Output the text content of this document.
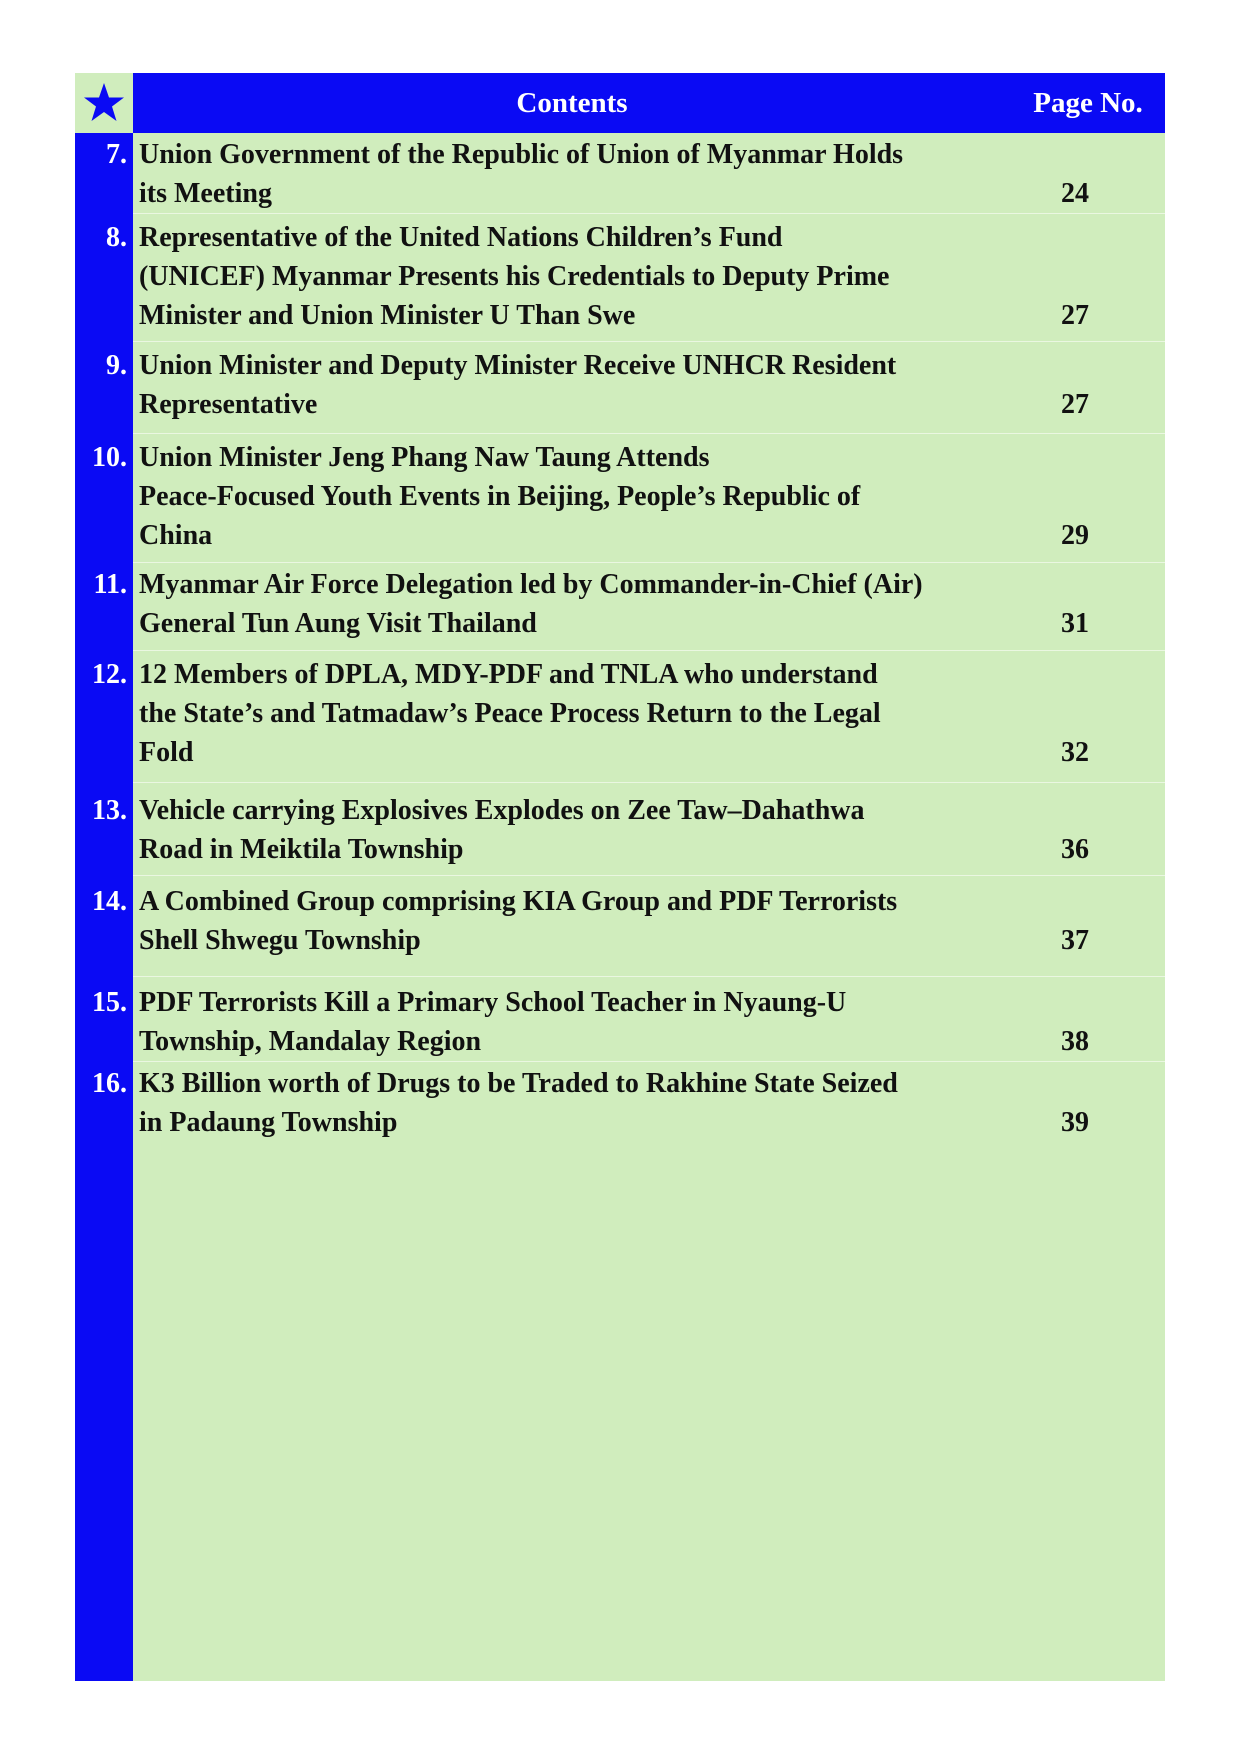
Contents	Page No.
7. Union Government of the Republic of Union of Myanmar Holds
its Meeting	24
8. Representative of the United Nations Children’s Fund
(UNICEF) Myanmar Presents his Credentials to Deputy Prime
Minister and Union Minister U Than Swe	27
9. Union Minister and Deputy Minister Receive UNHCR Resident
Representative	27
10. Union Minister Jeng Phang Naw Taung Attends
Peace-Focused Youth Events in Beijing, People’s Republic of
China	29
11. Myanmar Air Force Delegation led by Commander-in-Chief (Air)
General Tun Aung Visit Thailand	31
12. 12 Members of DPLA, MDY-PDF and TNLA who understand
the State’s and Tatmadaw’s Peace Process Return to the Legal
Fold	32
13. Vehicle carrying Explosives Explodes on Zee Taw–Dahathwa
Road in Meiktila Township	36
14. A Combined Group comprising KIA Group and PDF Terrorists
Shell Shwegu Township	37
15. PDF Terrorists Kill a Primary School Teacher in Nyaung-U
Township, Mandalay Region	38
16. K3 Billion worth of Drugs to be Traded to Rakhine State Seized
in Padaung Township	39
